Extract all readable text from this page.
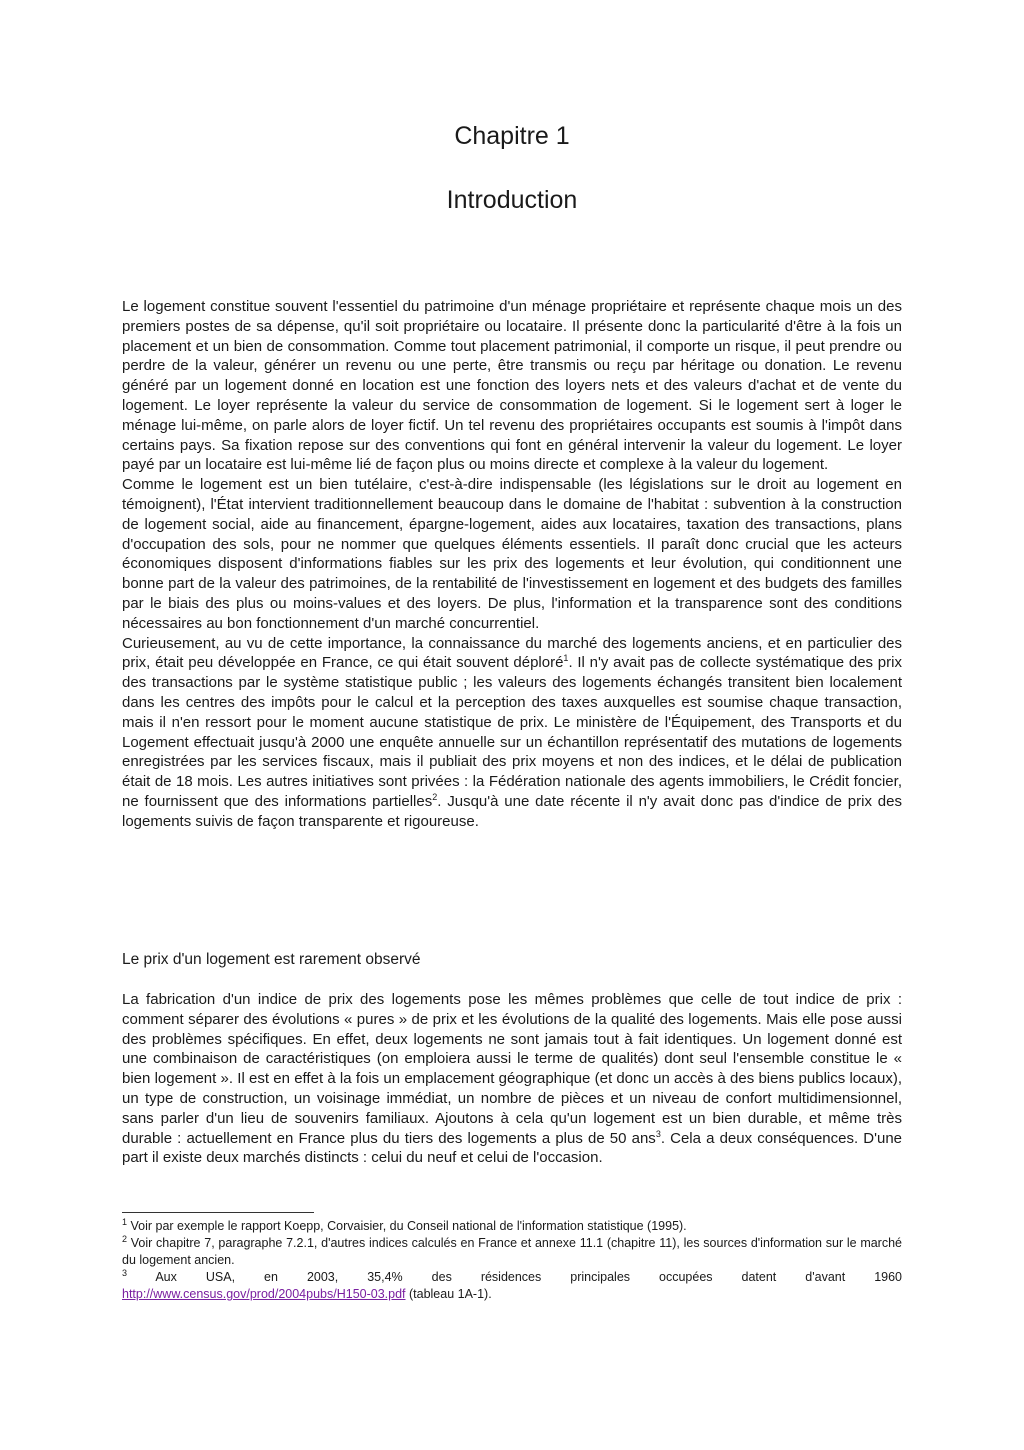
Chapitre 1
Introduction

Le logement constitue souvent l'essentiel du patrimoine d'un ménage propriétaire et représente chaque mois un des premiers postes de sa dépense, qu'il soit propriétaire ou locataire. Il présente donc la particularité d'être à la fois un placement et un bien de consommation. Comme tout placement patrimonial, il comporte un risque, il peut prendre ou perdre de la valeur, générer un revenu ou une perte, être transmis ou reçu par héritage ou donation. Le revenu généré par un logement donné en location est une fonction des loyers nets et des valeurs d'achat et de vente du logement. Le loyer représente la valeur du service de consommation de logement. Si le logement sert à loger le ménage lui-même, on parle alors de loyer fictif. Un tel revenu des propriétaires occupants est soumis à l'impôt dans certains pays. Sa fixation repose sur des conventions qui font en général intervenir la valeur du logement. Le loyer payé par un locataire est lui-même lié de façon plus ou moins directe et complexe à la valeur du logement.

Comme le logement est un bien tutélaire, c'est-à-dire indispensable (les législations sur le droit au logement en témoignent), l'État intervient traditionnellement beaucoup dans le domaine de l'habitat : subvention à la construction de logement social, aide au financement, épargne-logement, aides aux locataires, taxation des transactions, plans d'occupation des sols, pour ne nommer que quelques éléments essentiels. Il paraît donc crucial que les acteurs économiques disposent d'informations fiables sur les prix des logements et leur évolution, qui conditionnent une bonne part de la valeur des patrimoines, de la rentabilité de l'investissement en logement et des budgets des familles par le biais des plus ou moins-values et des loyers. De plus, l'information et la transparence sont des conditions nécessaires au bon fonctionnement d'un marché concurrentiel.

Curieusement, au vu de cette importance, la connaissance du marché des logements anciens, et en particulier des prix, était peu développée en France, ce qui était souvent déploré$^1$. Il n'y avait pas de collecte systématique des prix des transactions par le système statistique public ; les valeurs des logements échangés transitent bien localement dans les centres des impôts pour le calcul et la perception des taxes auxquelles est soumise chaque transaction, mais il n'en ressort pour le moment aucune statistique de prix. Le ministère de l'Équipement, des Transports et du Logement effectuait jusqu'à 2000 une enquête annuelle sur un échantillon représentatif des mutations de logements enregistrées par les services fiscaux, mais il publiait des prix moyens et non des indices, et le délai de publication était de 18 mois. Les autres initiatives sont privées : la Fédération nationale des agents immobiliers, le Crédit foncier, ne fournissent que des informations partielles$^2$. Jusqu'à une date récente il n'y avait donc pas d'indice de prix des logements suivis de façon transparente et rigoureuse.

Le prix d'un logement est rarement observé

La fabrication d'un indice de prix des logements pose les mêmes problèmes que celle de tout indice de prix : comment séparer des évolutions « pures » de prix et les évolutions de la qualité des logements. Mais elle pose aussi des problèmes spécifiques. En effet, deux logements ne sont jamais tout à fait identiques. Un logement donné est une combinaison de caractéristiques (on emploiera aussi le terme de qualités) dont seul l'ensemble constitue le « bien logement ». Il est en effet à la fois un emplacement géographique (et donc un accès à des biens publics locaux), un type de construction, un voisinage immédiat, un nombre de pièces et un niveau de confort multidimensionnel, sans parler d'un lieu de souvenirs familiaux. Ajoutons à cela qu'un logement est un bien durable, et même très durable : actuellement en France plus du tiers des logements a plus de 50 ans$^3$. Cela a deux conséquences. D'une part il existe deux marchés distincts : celui du neuf et celui de l'occasion.

$^1$ Voir par exemple le rapport Koepp, Corvaisier, du Conseil national de l'information statistique (1995).

$^2$ Voir chapitre 7, paragraphe 7.2.1, d'autres indices calculés en France et annexe 11.1 (chapitre 11), les sources d'information sur le marché du logement ancien.

$^3$ Aux USA, en 2003, 35,4% des résidences principales occupées datent d'avant 1960

http://www.census.gov/prod/2004pubs/H150-03.pdf (tableau 1A-1).
